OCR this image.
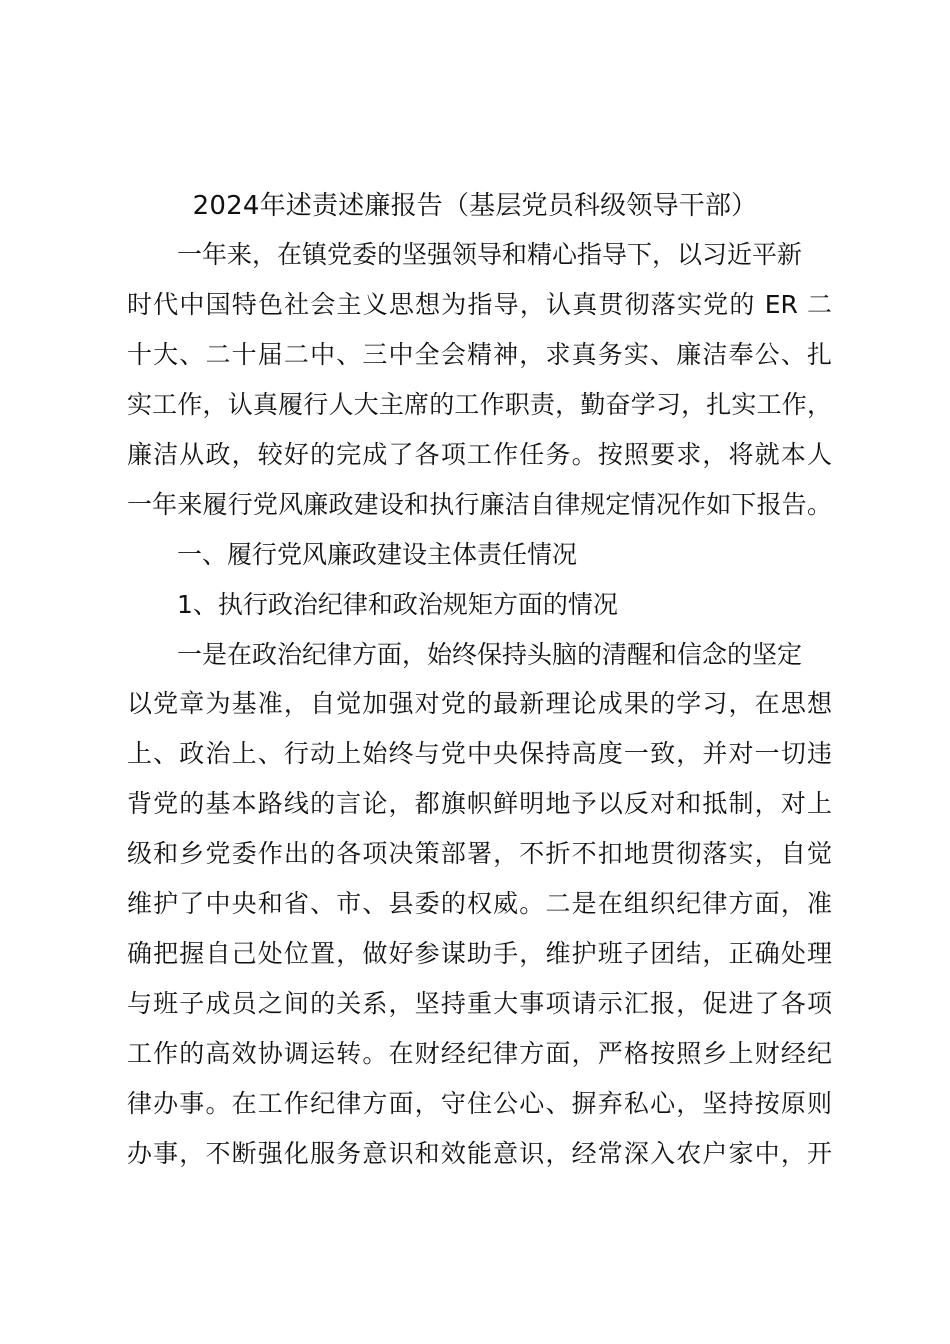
2024年述责述廉报告（基层党员科级领导干部）

一年来，在镇党委的坚强领导和精心指导下，以习近平新

时代中国特色社会主义思想为指导，认真贯彻落实党的 ER 二

十大、二十届二中、三中全会精神，求真务实、廉洁奉公、扎

实工作，认真履行人大主席的工作职责，勤奋学习，扎实工作，

廉洁从政，较好的完成了各项工作任务。按照要求，将就本人

一年来履行党风廉政建设和执行廉洁自律规定情况作如下报告。

一、履行党风廉政建设主体责任情况

1、执行政治纪律和政治规矩方面的情况

一是在政治纪律方面，始终保持头脑的清醒和信念的坚定

以党章为基准，自觉加强对党的最新理论成果的学习，在思想

上、政治上、行动上始终与党中央保持高度一致，并对一切违

背党的基本路线的言论，都旗帜鲜明地予以反对和抵制，对上

级和乡党委作出的各项决策部署，不折不扣地贯彻落实，自觉

维护了中央和省、市、县委的权威。二是在组织纪律方面，准

确把握自己处位置，做好参谋助手，维护班子团结，正确处理

与班子成员之间的关系，坚持重大事项请示汇报，促进了各项

工作的高效协调运转。在财经纪律方面，严格按照乡上财经纪

律办事。在工作纪律方面，守住公心、摒弃私心，坚持按原则

办事，不断强化服务意识和效能意识，经常深入农户家中，开
